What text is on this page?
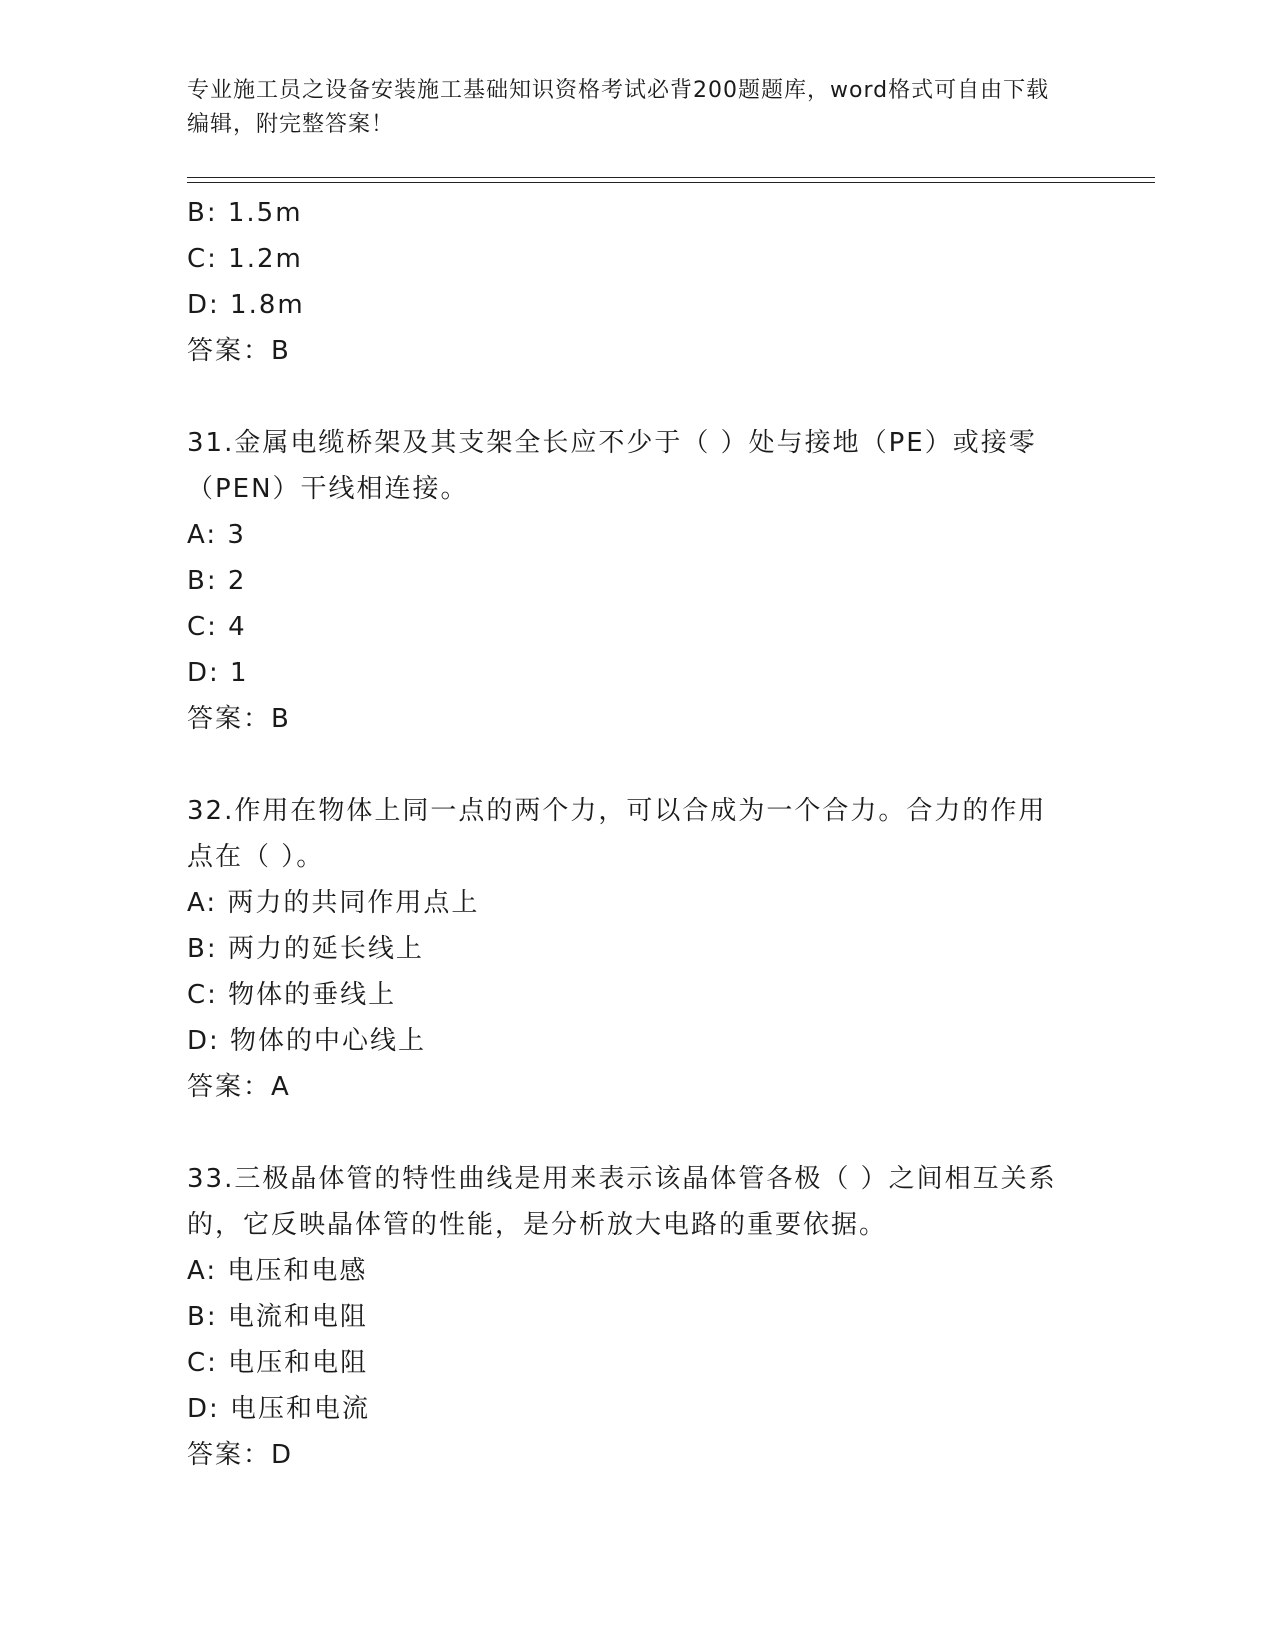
专业施工员之设备安装施工基础知识资格考试必背200题题库，word格式可自由下载编辑，附完整答案！
B: 1.5m
C: 1.2m
D: 1.8m
答案：B
31.金属电缆桥架及其支架全长应不少于（ ）处与接地（PE）或接零（PEN）干线相连接。
A: 3
B: 2
C: 4
D: 1
答案：B
32.作用在物体上同一点的两个力，可以合成为一个合力。合力的作用点在（ ）。
A: 两力的共同作用点上
B: 两力的延长线上
C: 物体的垂线上
D: 物体的中心线上
答案：A
33.三极晶体管的特性曲线是用来表示该晶体管各极（ ）之间相互关系的，它反映晶体管的性能，是分析放大电路的重要依据。
A: 电压和电感
B: 电流和电阻
C: 电压和电阻
D: 电压和电流
答案：D
